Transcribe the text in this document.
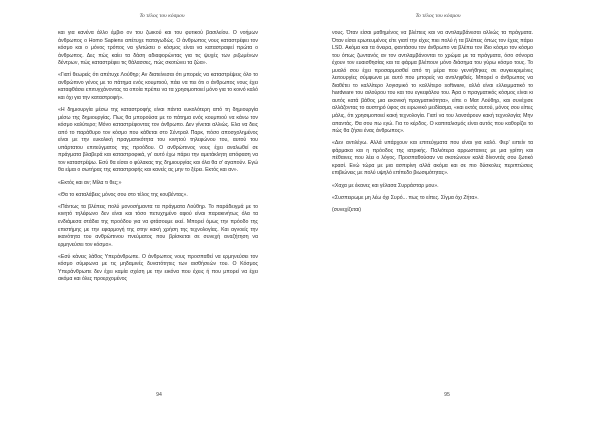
Το τέλος του κόσμου

και για κανένα άλλο έμβιο ον του ζωικού και του φυτικού βασιλείου. Ο νοήμων άνθρωπος ο Homo Sapiens απέτυχε παταγωδώς. Ο άνθρωπος νους καταστρέφει τον κόσμο και ο μόνος τρόπος να γλιτώσει ο κόσμος είναι να καταστραφεί πρώτα ο άνθρωπος. Δες πώς καίει τα δάση αδιαφορώντας για τις ψυχές των ριζωμένων δέντρων, πώς καταστρέφει τις θάλασσες, πώς σκοτώνει τα ζώα».

«Γιατί θεωρείς ότι απέτυχε Λούθηρ; Αν διατείνεσαι ότι μπορείς να καταστρέψεις όλο το ανθρώπινο γένος με το πάτημα ενός κουμπιού, πάει να πει ότι ο άνθρωπος νους έχει καταφθάσει επιτυγχάνοντας τα οποία πρέπει να τα χρησιμοποιεί μόνο για το κοινό καλό και όχι για την καταστροφή».

«Η δημιουργία μέσω της καταστροφής είναι πάντα ευκολότερη από τη δημιουργία μέσω της δημιουργίας. Πως θα μπορούσα με το πάτημα ενός κουμπιού να κάνω τον κόσμο καλύτερο; Μόνο καταστρέφοντας τον άνθρωπο. Δεν γίνεται αλλιώς. Ελα να δεις από το παράθυρο τον κόσμο που κάθεται στο Σέντραλ Παρκ, πόσο αποσχολημένος είναι με την ευκολική πραγματικότητα του κινητού τηλεφώνου του, αυτού του υπάρτατου επιτεύγματος της προόδου. Ο ανθρώπινος νους έχει αναλωθεί σε πράγματα βλαβερά και καταστροφικά, γι' αυτό έχω πάρει την αμετάκλητη απόφαση να τον καταστρέψω. Εσύ θα είσαι ο φύλακας της δημιουργίας και όλα θα σ' αγαπούν. Εγώ θα είμαι ο σωτήρας της καταστροφής και κανείς ας μην το ξέρει. Εκτός και αν».

«Εκτός και αν; Μίλα τι θες;»

«Θα το καταλάβεις μόνος σου στο τέλος της κουβέντας».

«Πάντως τα βλέπεις πολύ μονοσήμαντα τα πράγματα Λούθηρ. Το παράδειγμά με το κινητό τηλέφωνο δεν είναι και τόσο πετυχημένο αφού είναι παρακινήτως όλα τα ενδιάμεσα στάδια της προόδου για να φτάσουμε εκεί. Μπορεί όμως την πρόοδο της επιστήμης με την εφαρμογή της στην κακή χρήση της τεχνολογίας. Και αγνοείς την ικανότητα του ανθρώπινου πνεύματος που βρίσκεται σε συνεχή αναζήτηση να ερμηνεύσει τον κόσμο».

«Εσύ κάνεις λάθος Υπεράνθρωπε. Ο άνθρωπος νους προσπαθεί να ερμηνεύσει τον κόσμο σύμφωνα με τις μηδαμινές δυνατότητες των αισθήσεών του. Ο Κόσμος Υπεράνθρωπε δεν έχει καμία σχέση με την εικόνα που έχεις ή που μπορεί να έχει ακόμα και όλες προερχομένος

94
Το τέλος του κόσμου

νους. Όταν είσαι μαθημένος να βλέπεις και να αντιλαμβάνεσαι αλλιώς τα πράγματα. Όταν είσαι ερωτευμένος είτε γιατί την είχες πιει πολύ ή τα βλέπεις όπως τον έχεις πάρει LSD. Ακόμα και τα όνειρα, φαντάσου τον άνθρωπο να βλέπει τον ίδιο κόσμο τον κόσμο του όπως ζωντανός αν τον αντιλαμβάνονται το χρώμα με τα πράγματα, όσο σόνορα έχουν τον ευαισθησίας και τα φάρμα βλέπουν μόνο διάσημα του γύρω κόσμο τους. Το μυαλό σου έχει προσαρμοσθεί από τη μέρα που γεννήθηκες σε συγκεκριμένες λειτουργίες σύμφωνα με αυτό που μπορείς να αντιληφθείς. Μπορεί ο άνθρωπος να διαθέτει το καλλίτερο λογισμικό το καλλίτερο software, αλλά είναι ελλειμματικό το hardware του αιλούρου του και του εγκεφάλου του. Άρα ο πραγματικός κόσμος είναι κι αυτός κατά βάθος μια εικονική πραγματικότητα», είπε ο Ματ Λούθηρ, και συνέχισε αλλάζοντας το αυστηρό ύφος σε ειρωνικό μειδίασμα, «και εκτός αυτού, μόνος σου είπες μάλις, ότι χρησιμοποιεί κακή τεχνολογία. Γιατί να του λανσάρουν κακή τεχνολογία; Μην απαντάς. Θα σου πω εγώ. Για το κέρδος. Ο καπιταλισμός είναι αυτός που καθορίζει το πώς θα ζήσει ένας άνθρωπος».

«Δεν αντιλέγω. Αλλά υπάρχουν και επιτεύγματα που είναι για καλό. Φερ' ειπείν τα φάρμακα και η πρόοδος της ιατρικής. Παλιότερα αρρωσταινες με μια γρίπη και πέθαινες που λέει ο λόγος. Προσπαθούσαν να σκοτώνουν καλά δίνοντάς σου ζωτικό κρασί. Ενώ τώρα με μια ασπιρίνη αλλά ακόμα και σε πιο δύσκολες περιπτώσεις επιβιώνεις με πολύ υψηλό επίπεδο βιωσιμότητας».

«Χαχα με έκανες και γέλασα Συρράσταρ μου».

«Συσπειρωμε μη λέω όχι Συρό... πως το είπες. Σίγμα όχι Ζήτα».

(συνεχίζεται)

95
